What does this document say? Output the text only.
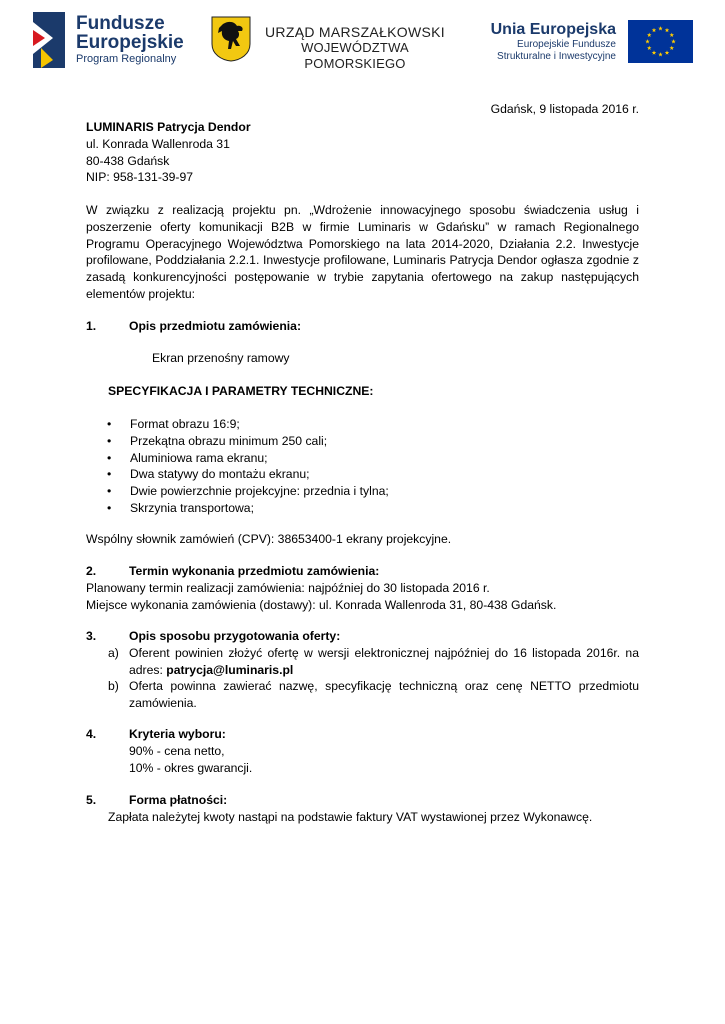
Fundusze
Europejskie
Program Regionalny
URZĄD MARSZAŁKOWSKI
WOJEWÓDZTWA POMORSKIEGO
Unia Europejska
Europejskie Fundusze
Strukturalne i Inwestycyjne
Gdańsk, 9 listopada 2016 r.
LUMINARIS Patrycja Dendor
ul. Konrada Wallenroda 31
80-438 Gdańsk
NIP: 958-131-39-97
W związku z realizacją projektu pn. „Wdrożenie innowacyjnego sposobu świadczenia usług i poszerzenie oferty komunikacji B2B w firmie Luminaris w Gdańsku” w ramach Regionalnego Programu Operacyjnego Województwa Pomorskiego na lata 2014-2020, Działania 2.2. Inwestycje profilowane, Poddziałania 2.2.1. Inwestycje profilowane, Luminaris Patrycja Dendor ogłasza zgodnie z zasadą konkurencyjności postępowanie w trybie zapytania ofertowego na zakup następujących elementów projektu:
1.	Opis przedmiotu zamówienia:
Ekran przenośny ramowy
SPECYFIKACJA I PARAMETRY TECHNICZNE:
• Format obrazu 16:9;
• Przekątna obrazu minimum 250 cali;
• Aluminiowa rama ekranu;
• Dwa statywy do montażu ekranu;
• Dwie powierzchnie projekcyjne: przednia i tylna;
• Skrzynia transportowa;
Wspólny słownik zamówień (CPV): 38653400-1 ekrany projekcyjne.
2.	Termin wykonania przedmiotu zamówienia:
Planowany termin realizacji zamówienia: najpóźniej do 30 listopada 2016 r.
Miejsce wykonania zamówienia (dostawy): ul. Konrada Wallenroda 31, 80-438 Gdańsk.
3.	Opis sposobu przygotowania oferty:
a) Oferent powinien złożyć ofertę w wersji elektronicznej najpóźniej do 16 listopada 2016r. na adres: patrycja@luminaris.pl
b) Oferta powinna zawierać nazwę, specyfikację techniczną oraz cenę NETTO przedmiotu zamówienia.
4.	Kryteria wyboru:
90% - cena netto,
10% - okres gwarancji.
5.	Forma płatności:
Zapłata należytej kwoty nastąpi na podstawie faktury VAT wystawionej przez Wykonawcę.
